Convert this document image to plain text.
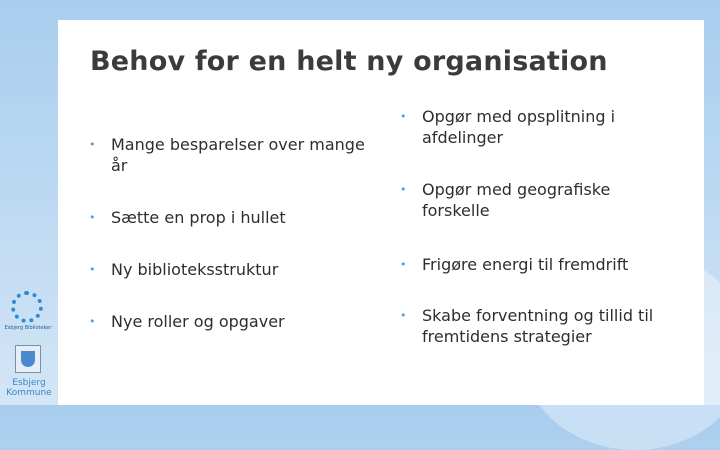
Behov for en helt ny organisation
• Mange besparelser over mange år
• Sætte en prop i hullet
• Ny biblioteksstruktur
• Nye roller og opgaver
• Opgør med opsplitning i afdelinger
• Opgør med geografiske forskelle
• Frigøre energi til fremdrift
• Skabe forventning og tillid til fremtidens strategier
Esbjerg Biblioteker
Esbjerg Kommune
